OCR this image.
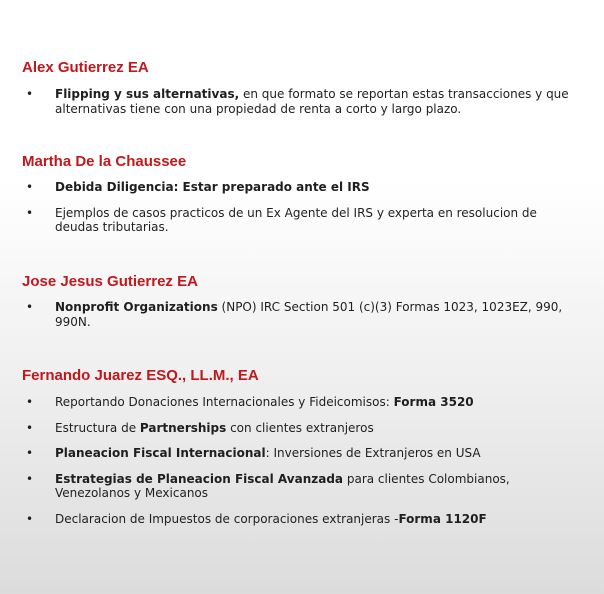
Alex Gutierrez EA
• Flipping y sus alternativas, en que formato se reportan estas transacciones y que alternativas tiene con una propiedad de renta a corto y largo plazo.
Martha De la Chaussee
• Debida Diligencia: Estar preparado ante el IRS
• Ejemplos de casos practicos de un Ex Agente del IRS y experta en resolucion de deudas tributarias.
Jose Jesus Gutierrez EA
• Nonprofit Organizations (NPO) IRC Section 501 (c)(3) Formas 1023, 1023EZ, 990, 990N.
Fernando Juarez ESQ., LL.M., EA
• Reportando Donaciones Internacionales y Fideicomisos: Forma 3520
• Estructura de Partnerships con clientes extranjeros
• Planeacion Fiscal Internacional: Inversiones de Extranjeros en USA
• Estrategias de Planeacion Fiscal Avanzada para clientes Colombianos, Venezolanos y Mexicanos
• Declaracion de Impuestos de corporaciones extranjeras -Forma 1120F
